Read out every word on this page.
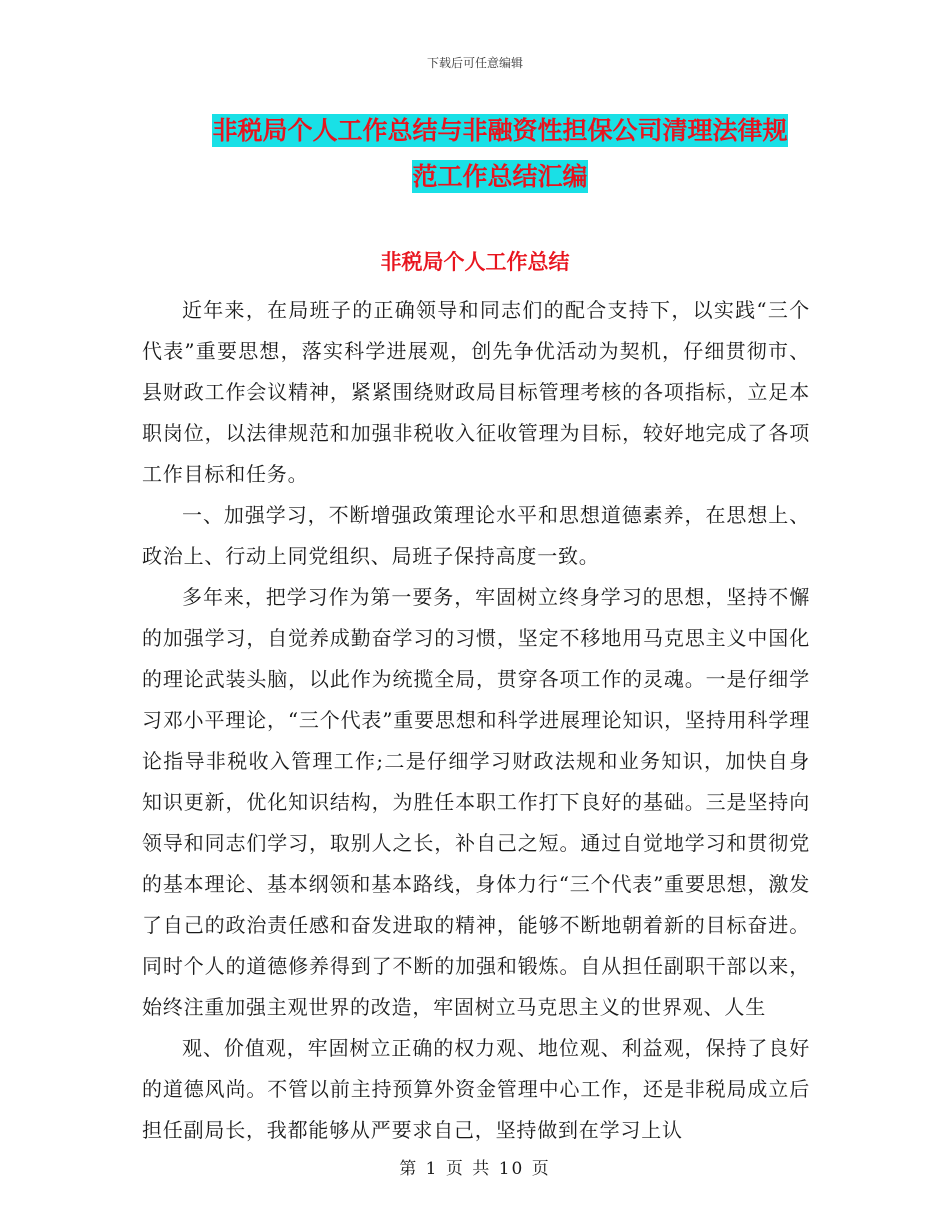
下载后可任意编辑
非税局个人工作总结与非融资性担保公司清理法律规
范工作总结汇编
非税局个人工作总结

近年来，在局班子的正确领导和同志们的配合支持下，以实践“三个代表”重要思想，落实科学进展观，创先争优活动为契机，仔细贯彻市、县财政工作会议精神，紧紧围绕财政局目标管理考核的各项指标，立足本职岗位，以法律规范和加强非税收入征收管理为目标，较好地完成了各项工作目标和任务。

一、加强学习，不断增强政策理论水平和思想道德素养，在思想上、政治上、行动上同党组织、局班子保持高度一致。

多年来，把学习作为第一要务，牢固树立终身学习的思想，坚持不懈的加强学习，自觉养成勤奋学习的习惯，坚定不移地用马克思主义中国化的理论武装头脑，以此作为统揽全局，贯穿各项工作的灵魂。一是仔细学习邓小平理论，“三个代表”重要思想和科学进展理论知识，坚持用科学理论指导非税收入管理工作;二是仔细学习财政法规和业务知识，加快自身知识更新，优化知识结构，为胜任本职工作打下良好的基础。三是坚持向领导和同志们学习，取别人之长，补自己之短。通过自觉地学习和贯彻党的基本理论、基本纲领和基本路线，身体力行“三个代表”重要思想，激发了自己的政治责任感和奋发进取的精神，能够不断地朝着新的目标奋进。同时个人的道德修养得到了不断的加强和锻炼。自从担任副职干部以来，始终注重加强主观世界的改造，牢固树立马克思主义的世界观、人生

观、价值观，牢固树立正确的权力观、地位观、利益观，保持了良好的道德风尚。不管以前主持预算外资金管理中心工作，还是非税局成立后担任副局长，我都能够从严要求自己，坚持做到在学习上认

第 1 页 共 10 页
